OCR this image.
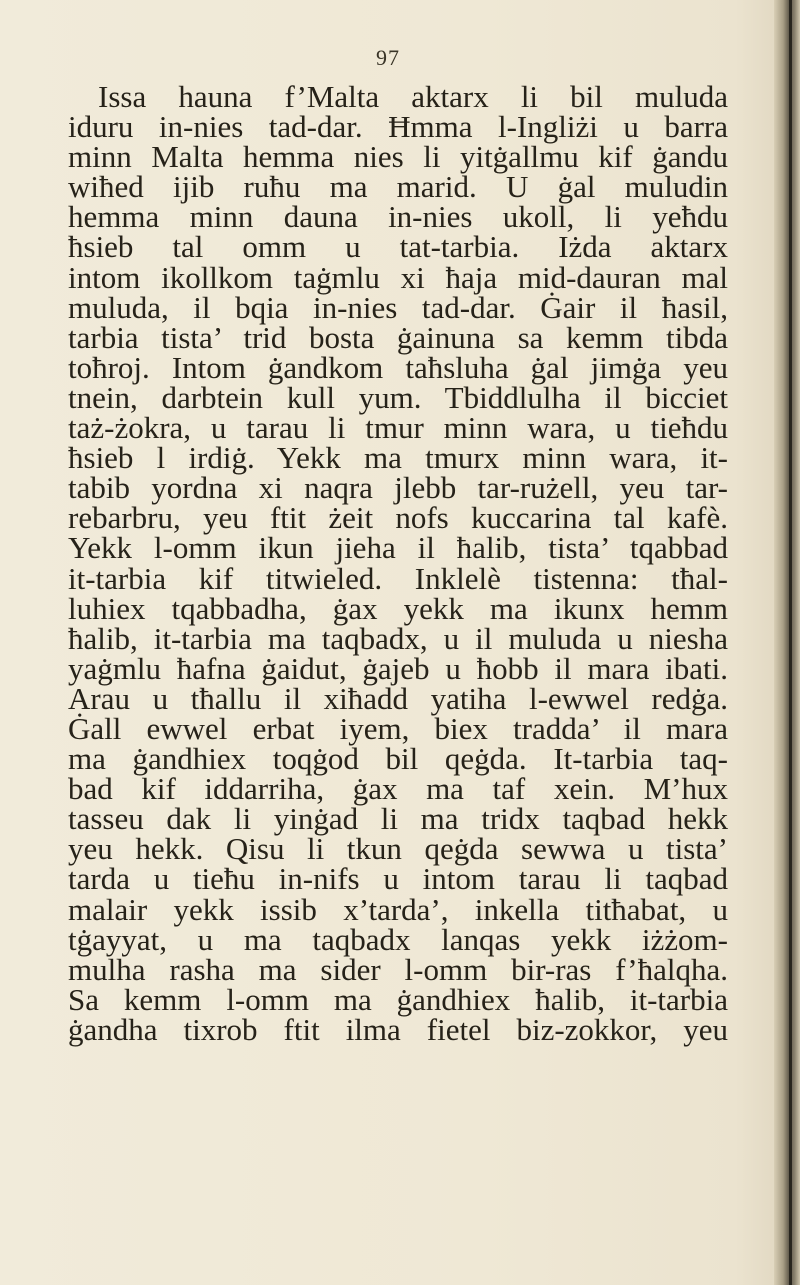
97
Issa hauna f’Malta aktarx li bil muluda
iduru in-nies tad-dar. Ħmma l-Ingliżi u barra
minn Malta hemma nies li yitġallmu kif ġandu
wiħed ijib ruħu ma marid. U ġal muludin
hemma minn dauna in-nies ukoll, li yeħdu
ħsieb tal omm u tat-tarbia. Iżda aktarx
intom ikollkom taġmlu xi ħaja mid-dauran mal
muluda, il bqia in-nies tad-dar. Ġair il ħasil,
tarbia tista’ trid bosta ġainuna sa kemm tibda
toħroj. Intom ġandkom taħsluha ġal jimġa yeu
tnein, darbtein kull yum. Tbiddlulha il bicciet
taż-żokra, u tarau li tmur minn wara, u tieħdu
ħsieb l irdiġ. Yekk ma tmurx minn wara, it-
tabib yordna xi naqra jlebb tar-rużell, yeu tar-
rebarbru, yeu ftit żeit nofs kuccarina tal kafè.
Yekk l-omm ikun jieha il ħalib, tista’ tqabbad
it-tarbia kif titwieled. Inklelè tistenna: tħal-
luhiex tqabbadha, ġax yekk ma ikunx hemm
ħalib, it-tarbia ma taqbadx, u il muluda u niesha
yaġmlu ħafna ġaidut, ġajeb u ħobb il mara ibati.
Arau u tħallu il xiħadd yatiha l-ewwel redġa.
Ġall ewwel erbat iyem, biex tradda’ il mara
ma ġandhiex toqġod bil qeġda. It-tarbia taq-
bad kif iddarriha, ġax ma taf xein. M’hux
tasseu dak li yinġad li ma tridx taqbad hekk
yeu hekk. Qisu li tkun qeġda sewwa u tista’
tarda u tieħu in-nifs u intom tarau li taqbad
malair yekk issib x’tarda’, inkella titħabat, u
tġayyat, u ma taqbadx lanqas yekk iżżom-
mulha rasha ma sider l-omm bir-ras f’ħalqha.
Sa kemm l-omm ma ġandhiex ħalib, it-tarbia
ġandha tixrob ftit ilma fietel biz-zokkor, yeu
